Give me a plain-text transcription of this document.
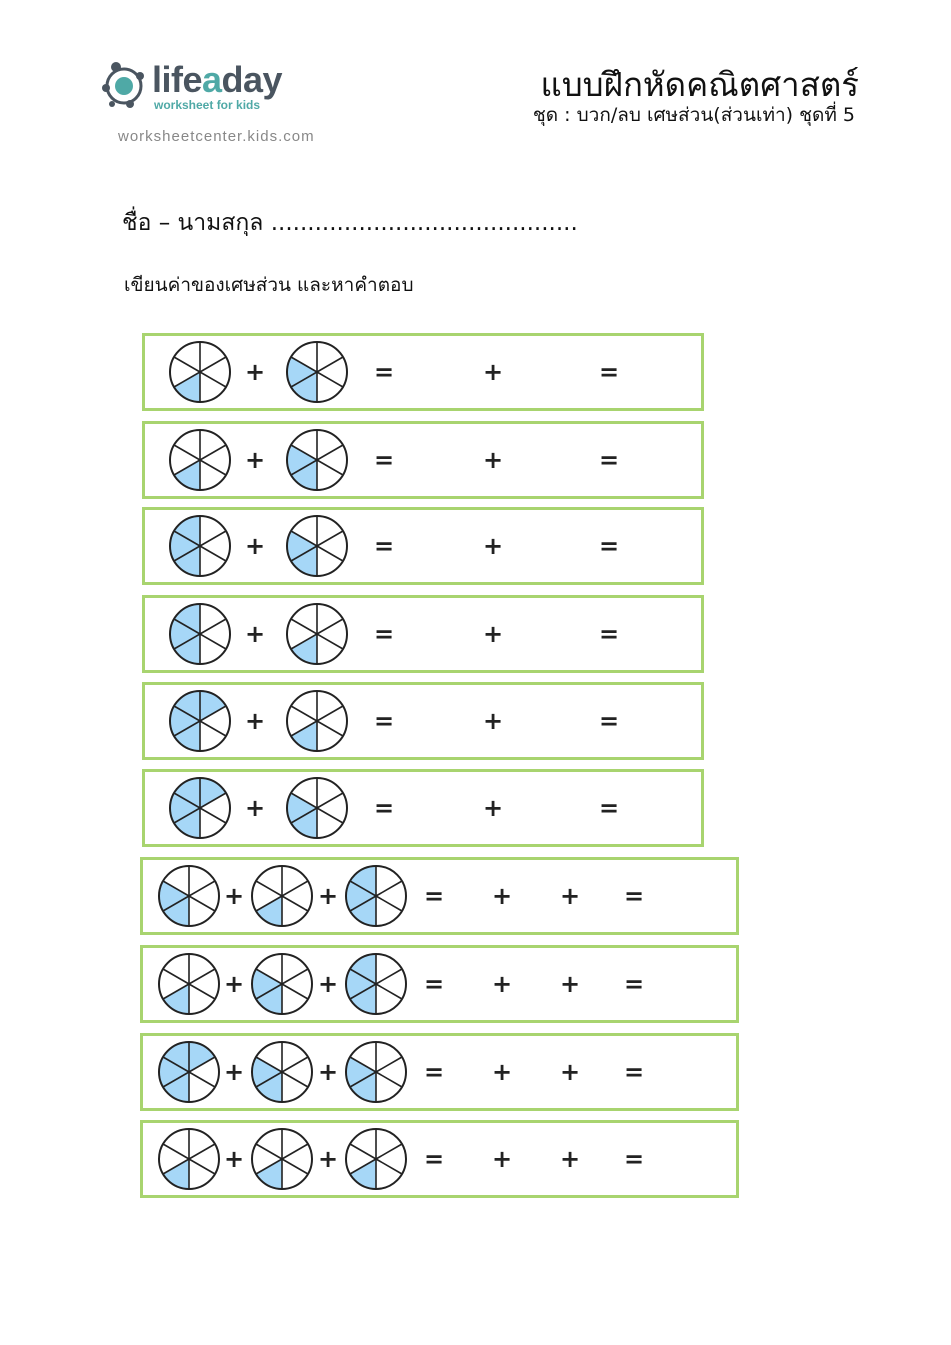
lifeaday
worksheet for kids
worksheetcenter.kids.com
แบบฝึกหัดคณิตศาสตร์
ชุด : บวก/ลบ เศษส่วน(ส่วนเท่า) ชุดที่ 5
ชื่อ – นามสกุล ..........................................
เขียนค่าของเศษส่วน และหาคำตอบ
+	=	+	=
+	=	+	=
+	=	+	=
+	=	+	=
+	=	+	=
+	=	+	=
+	+	= + + =
+	+	= + + =
+	+	= + + =
+	+	= + + =
